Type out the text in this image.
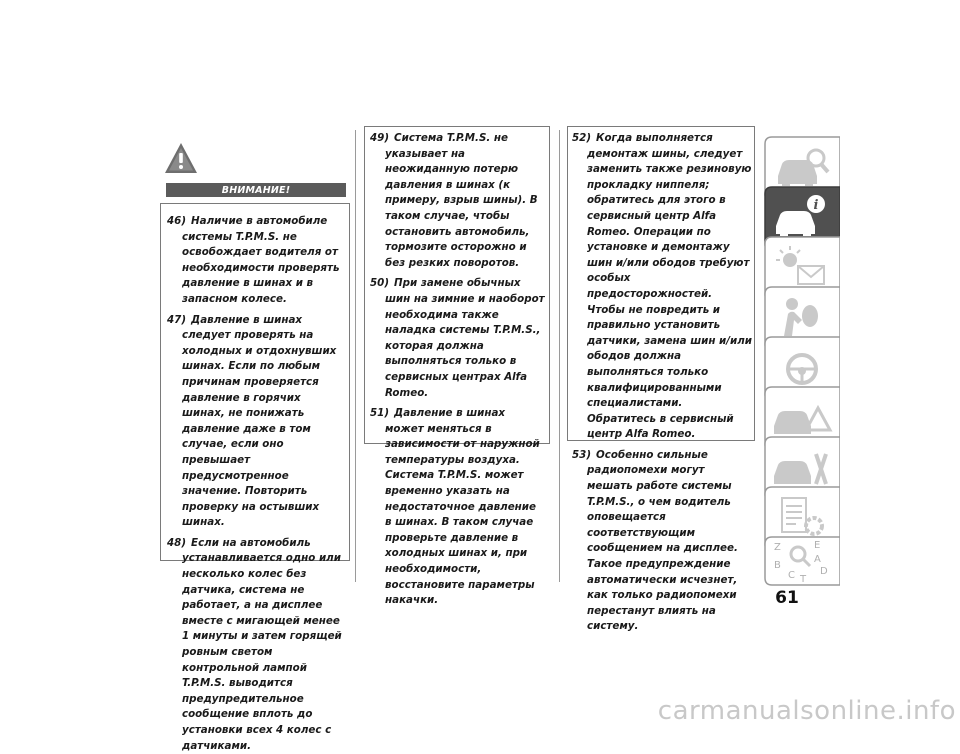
ВНИМАНИЕ!
46) Наличие в автомобиле системы T.P.M.S. не освобождает водителя от необходимости проверять давление в шинах и в запасном колесе.
47) Давление в шинах следует проверять на холодных и отдохнувших шинах. Если по любым причинам проверяется давление в горячих шинах, не понижать давление даже в том случае, если оно превышает предусмотренное значение. Повторить проверку на остывших шинах.
48) Если на автомобиль устанавливается одно или несколько колес без датчика, система не работает, а на дисплее вместе с мигающей менее 1 минуты и затем горящей ровным светом контрольной лампой T.P.M.S. выводится предупредительное сообщение вплоть до установки всех 4 колес с датчиками.
49) Система T.P.M.S. не указывает на неожиданную потерю давления в шинах (к примеру, взрыв шины). В таком случае, чтобы остановить автомобиль, тормозите осторожно и без резких поворотов.
50) При замене обычных шин на зимние и наоборот необходима также наладка системы T.P.M.S., которая должна выполняться только в сервисных центрах Alfa Romeo.
51) Давление в шинах может меняться в зависимости от наружной температуры воздуха. Система T.P.M.S. может временно указать на недостаточное давление в шинах. В таком случае проверьте давление в холодных шинах и, при необходимости, восстановите параметры накачки.
52) Когда выполняется демонтаж шины, следует заменить также резиновую прокладку ниппеля; обратитесь для этого в сервисный центр Alfa Romeo. Операции по установке и демонтажу шин и/или ободов требуют особых предосторожностей. Чтобы не повредить и правильно установить датчики, замена шин и/или ободов должна выполняться только квалифицированными специалистами. Обратитесь в сервисный центр Alfa Romeo.
53) Особенно сильные радиопомехи могут мешать работе системы T.P.M.S., о чем водитель оповещается соответствующим сообщением на дисплее. Такое предупреждение автоматически исчезнет, как только радиопомехи перестанут влиять на систему.
i
Z	E
B
A
C	D
T
61
carmanualsonline.info
